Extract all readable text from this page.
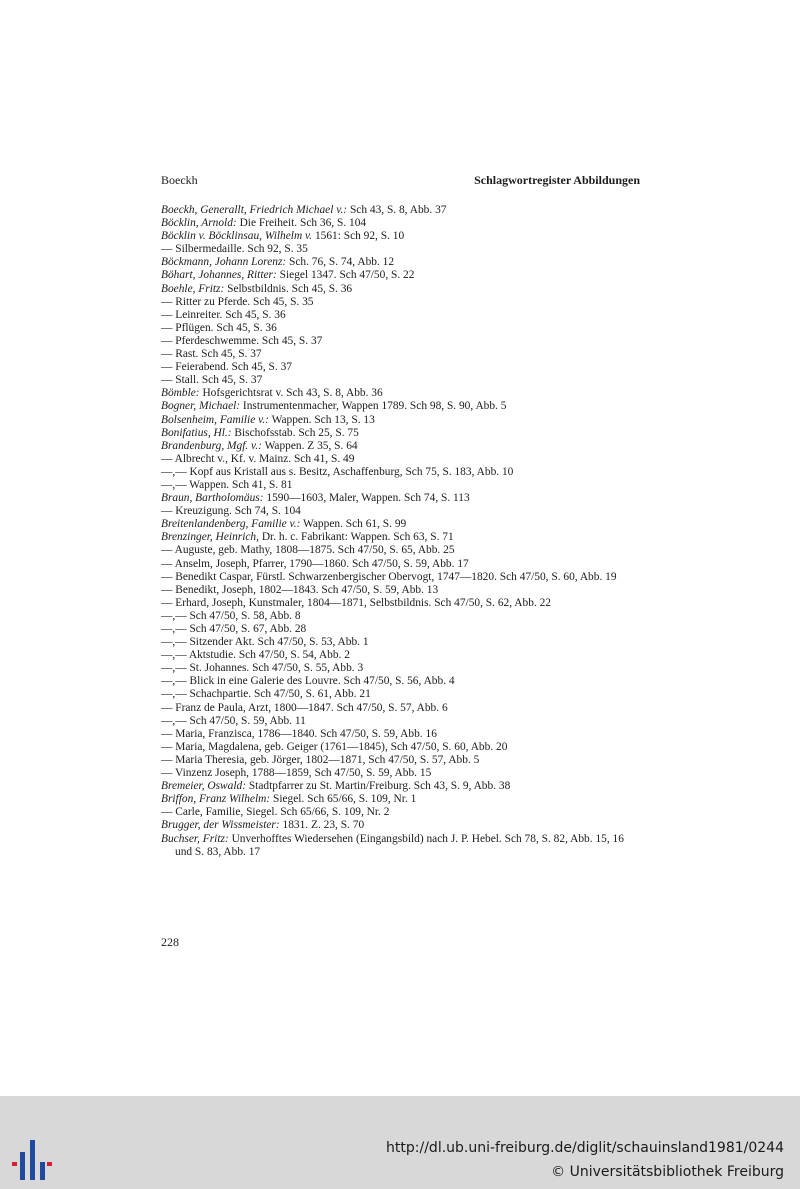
Boeckh	Schlagwortregister Abbildungen
Boeckh, Generallt, Friedrich Michael v.: Sch 43, S. 8, Abb. 37
Böcklin, Arnold: Die Freiheit. Sch 36, S. 104
Böcklin v. Böcklinsau, Wilhelm v. 1561: Sch 92, S. 10
— Silbermedaille. Sch 92, S. 35
Böckmann, Johann Lorenz: Sch. 76, S. 74, Abb. 12
Böhart, Johannes, Ritter: Siegel 1347. Sch 47/50, S. 22
Boehle, Fritz: Selbstbildnis. Sch 45, S. 36
— Ritter zu Pferde. Sch 45, S. 35
— Leinreiter. Sch 45, S. 36
— Pflügen. Sch 45, S. 36
— Pferdeschwemme. Sch 45, S. 37
— Rast. Sch 45, S. 37
— Feierabend. Sch 45, S. 37
— Stall. Sch 45, S. 37
Bömble: Hofsgerichtsrat v. Sch 43, S. 8, Abb. 36
Bogner, Michael: Instrumentenmacher, Wappen 1789. Sch 98, S. 90, Abb. 5
Bolsenheim, Familie v.: Wappen. Sch 13, S. 13
Bonifatius, Hl.: Bischofsstab. Sch 25, S. 75
Brandenburg, Mgf. v.: Wappen. Z 35, S. 64
— Albrecht v., Kf. v. Mainz. Sch 41, S. 49
—,— Kopf aus Kristall aus s. Besitz, Aschaffenburg, Sch 75, S. 183, Abb. 10
—,— Wappen. Sch 41, S. 81
Braun, Bartholomäus: 1590—1603, Maler, Wappen. Sch 74, S. 113
— Kreuzigung. Sch 74, S. 104
Breitenlandenberg, Familie v.: Wappen. Sch 61, S. 99
Brenzinger, Heinrich, Dr. h. c. Fabrikant: Wappen. Sch 63, S. 71
— Auguste, geb. Mathy, 1808—1875. Sch 47/50, S. 65, Abb. 25
— Anselm, Joseph, Pfarrer, 1790—1860. Sch 47/50, S. 59, Abb. 17
— Benedikt Caspar, Fürstl. Schwarzenbergischer Obervogt, 1747—1820. Sch 47/50, S. 60, Abb. 19
— Benedikt, Joseph, 1802—1843. Sch 47/50, S. 59, Abb. 13
— Erhard, Joseph, Kunstmaler, 1804—1871, Selbstbildnis. Sch 47/50, S. 62, Abb. 22
—,— Sch 47/50, S. 58, Abb. 8
—,— Sch 47/50, S. 67, Abb. 28
—,— Sitzender Akt. Sch 47/50, S. 53, Abb. 1
—,— Aktstudie. Sch 47/50, S. 54, Abb. 2
—,— St. Johannes. Sch 47/50, S. 55, Abb. 3
—,— Blick in eine Galerie des Louvre. Sch 47/50, S. 56, Abb. 4
—,— Schachpartie. Sch 47/50, S. 61, Abb. 21
— Franz de Paula, Arzt, 1800—1847. Sch 47/50, S. 57, Abb. 6
—,— Sch 47/50, S. 59, Abb. 11
— Maria, Franzisca, 1786—1840. Sch 47/50, S. 59, Abb. 16
— Maria, Magdalena, geb. Geiger (1761—1845), Sch 47/50, S. 60, Abb. 20
— Maria Theresia, geb. Jörger, 1802—1871, Sch 47/50, S. 57, Abb. 5
— Vinzenz Joseph, 1788—1859, Sch 47/50, S. 59, Abb. 15
Bremeier, Oswald: Stadtpfarrer zu St. Martin/Freiburg. Sch 43, S. 9, Abb. 38
Briffon, Franz Wilhelm: Siegel. Sch 65/66, S. 109, Nr. 1
— Carle, Familie, Siegel. Sch 65/66, S. 109, Nr. 2
Brugger, der Wissmeister: 1831. Z. 23, S. 70
Buchser, Fritz: Unverhofftes Wiedersehen (Eingangsbild) nach J. P. Hebel. Sch 78, S. 82, Abb. 15, 16 und S. 83, Abb. 17
228
http://dl.ub.uni-freiburg.de/diglit/schauinsland1981/0244
© Universitätsbibliothek Freiburg
